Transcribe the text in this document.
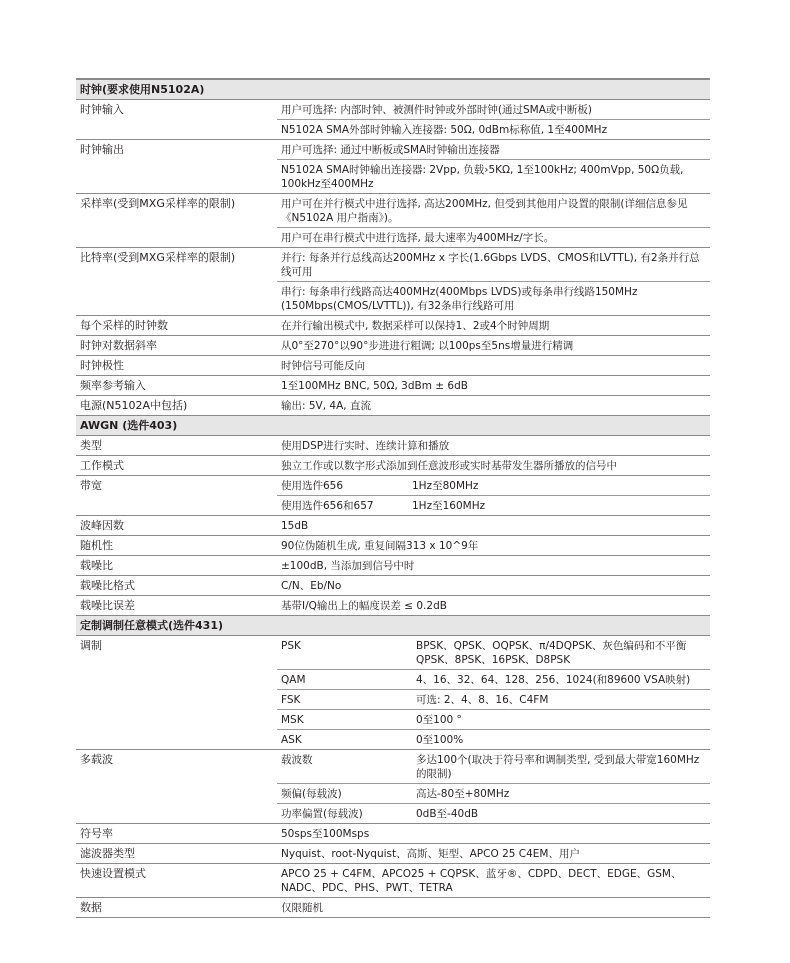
时钟(要求使用N5102A)
时钟输入	用户可选择: 内部时钟、被测件时钟或外部时钟(通过SMA或中断板)
N5102A SMA外部时钟输入连接器: 50Ω, 0dBm标称值, 1至400MHz
时钟输出	用户可选择: 通过中断板或SMA时钟输出连接器
N5102A SMA时钟输出连接器: 2Vpp, 负载›5KΩ, 1至100kHz; 400mVpp, 50Ω负载, 100kHz至400MHz
采样率(受到MXG采样率的限制)	用户可在并行模式中进行选择, 高达200MHz, 但受到其他用户设置的限制(详细信息参见《N5102A 用户指南》)。
用户可在串行模式中进行选择, 最大速率为400MHz/字长。
比特率(受到MXG采样率的限制)	并行: 每条并行总线高达200MHz x 字长(1.6Gbps LVDS、CMOS和LVTTL), 有2条并行总线可用
串行: 每条串行线路高达400MHz(400Mbps LVDS)或每条串行线路150MHz (150Mbps(CMOS/LVTTL)), 有32条串行线路可用
每个采样的时钟数	在并行输出模式中, 数据采样可以保持1、2或4个时钟周期
时钟对数据斜率	从0°至270°以90°步进进行粗调; 以100ps至5ns增量进行精调
时钟极性	时钟信号可能反向
频率参考输入	1至100MHz BNC, 50Ω, 3dBm ± 6dB
电源(N5102A中包括)	输出: 5V, 4A, 直流
AWGN (选件403)
类型	使用DSP进行实时、连续计算和播放
工作模式	独立工作或以数字形式添加到任意波形或实时基带发生器所播放的信号中
带宽	使用选件656	1Hz至80MHz
使用选件656和657	1Hz至160MHz
波峰因数	15dB
随机性	90位伪随机生成, 重复间隔313 x 10^9年
载噪比	±100dB, 当添加到信号中时
载噪比格式	C/N、Eb/No
载噪比误差	基带I/Q输出上的幅度误差 ≤ 0.2dB
定制调制任意模式(选件431)
调制	PSK	BPSK、QPSK、OQPSK、π/4DQPSK、灰色编码和不平衡QPSK、8PSK、16PSK、D8PSK
QAM	4、16、32、64、128、256、1024(和89600 VSA映射)
FSK	可选: 2、4、8、16、C4FM
MSK	0至100 °
ASK	0至100%
多载波	载波数	多达100个(取决于符号率和调制类型, 受到最大带宽160MHz的限制)
频偏(每载波)	高达-80至+80MHz
功率偏置(每载波)	0dB至-40dB
符号率	50sps至100Msps
滤波器类型	Nyquist、root-Nyquist、高斯、矩型、APCO 25 C4EM、用户
快速设置模式	APCO 25 + C4FM、APCO25 + CQPSK、蓝牙®、CDPD、DECT、EDGE、GSM、NADC、PDC、PHS、PWT、TETRA
数据	仅限随机
